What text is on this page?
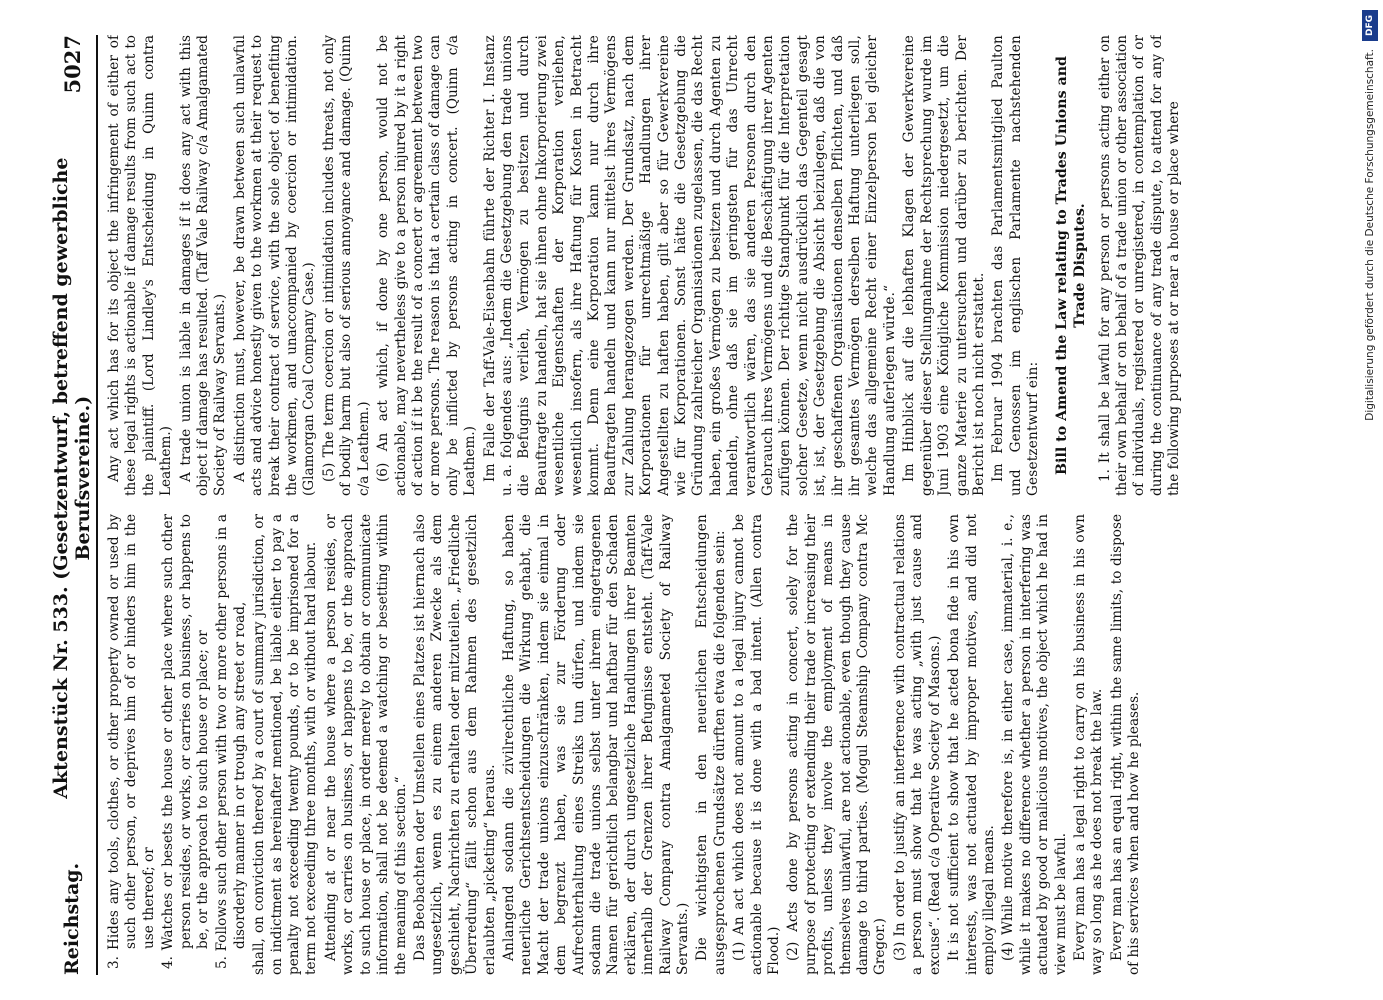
Reichstag.
Aktenstück Nr. 533. (Gesetzentwurf, betreffend gewerbliche Berufsvereine.)
5027

3. Hides any tools, clothes, or other property owned or used by such other person, or deprives him of or hinders him in the use thereof; or 4. Watches or besets the house or other place where such other person resides, or works, or carries on business, or happens to be, or the approach to such house or place; or 5. Follows such other person with two or more other persons in a disorderly manner in or trough any street or road, shall, on conviction thereof by a court of summary jurisdiction, or on indictment as hereinafter mentioned, be liable either to pay a penalty not exceeding twenty pounds, or to be imprisoned for a term not exceeding three months, with or without hard labour. Attending at or near the house where a person resides, or works, or carries on business, or happens to be, or the approach to such house or place, in order merely to obtain or communicate information, shall not be deemed a watching or besetting within the meaning of this section.“ Das Beobachten oder Umstellen eines Platzes ist hiernach also ungesetzlich, wenn es zu einem anderen Zwecke als dem geschieht, Nachrichten zu erhalten oder mitzuteilen. „Friedliche Überredung“ fällt schon aus dem Rahmen des gesetzlich erlaubten „picketing“ heraus. Anlangend sodann die zivilrechtliche Haftung, so haben neuerliche Gerichtsentscheidungen die Wirkung gehabt, die Macht der trade unions einzuschränken, indem sie einmal in dem begrenzt haben, was sie zur Förderung oder Aufrechterhaltung eines Streiks tun dürfen, und indem sie sodann die trade unions selbst unter ihrem eingetragenen Namen für gerichtlich belangbar und haftbar für den Schaden erklären, der durch ungesetzliche Handlungen ihrer Beamten innerhalb der Grenzen ihrer Befugnisse entsteht. (Taff-Vale Railway Company contra Amalgameted Society of Railway Servants.) Die wichtigsten in den neuerlichen Entscheidungen ausgesprochenen Grundsätze dürften etwa die folgenden sein: (1) An act which does not amount to a legal injury cannot be actionable because it is done with a bad intent. (Allen contra Flood.) (2) Acts done by persons acting in concert, solely for the purpose of protecting or extending their trade or increasing their profits, unless they involve the employment of means in themselves unlawful, are not actionable, even though they cause damage to third parties. (Mogul Steamship Company contra Mc Gregor.) (3) In order to justify an interference with contractual relations a person must show that he was acting „with just cause and excuse“. (Read c/a Operative Society of Masons.) It is not sufficient to show that he acted bona fide in his own interests, was not actuated by improper motives, and did not employ illegal means. (4) While motive therefore is, in either case, immaterial, i. e., while it makes no difference whether a person in interfering was actuated by good or malicious motives, the object which he had in view must be lawful. Every man has a legal right to carry on his business in his own way so long as he does not break the law. Every man has an equal right, within the same limits, to dispose of his services when and how he pleases.

Any act which has for its object the infringement of either of these legal rights is actionable if damage results from such act to the plaintiff. (Lord Lindley's Entscheidung in Quinn contra Leathem.) A trade union is liable in damages if it does any act with this object if damage has resulted. (Taff Vale Railway c/a Amalgamated Society of Railway Servants.) A distinction must, however, be drawn between such unlawful acts and advice honestly given to the workmen at their request to break their contract of service, with the sole object of benefiting the workmen, and unaccompanied by coercion or intimidation. (Glamorgan Coal Company Case.) (5) The term coercion or intimidation includes threats, not only of bodily harm but also of serious annoyance and damage. (Quinn c/a Leathem.) (6) An act which, if done by one person, would not be actionable, may nevertheless give to a person injured by it a right of action if it be the result of a concert or agreement between two or more persons. The reason is that a certain class of damage can only be inflicted by persons acting in concert. (Quinn c/a Leathem.) Im Falle der Taff-Vale-Eisenbahn führte der Richter I. Instanz u. a. folgendes aus: „Indem die Gesetzgebung den trade unions die Befugnis verlieh, Vermögen zu besitzen und durch Beauftragte zu handeln, hat sie ihnen ohne Inkorporierung zwei wesentliche Eigenschaften der Korporation verliehen, wesentlich insofern, als ihre Haftung für Kosten in Betracht kommt. Denn eine Korporation kann nur durch ihre Beauftragten handeln und kann nur mittelst ihres Vermögens zur Zahlung herangezogen werden. Der Grundsatz, nach dem Korporationen für unrechtmäßige Handlungen ihrer Angestellten zu haften haben, gilt aber so für Gewerkvereine wie für Korporationen. Sonst hätte die Gesetzgebung die Gründung zahlreicher Organisationen zugelassen, die das Recht haben, ein großes Vermögen zu besitzen und durch Agenten zu handeln, ohne daß sie im geringsten für das Unrecht verantwortlich wären, das sie anderen Personen durch den Gebrauch ihres Vermögens und die Beschäftigung ihrer Agenten zufügen können. Der richtige Standpunkt für die Interpretation solcher Gesetze, wenn nicht ausdrücklich das Gegenteil gesagt ist, ist, der Gesetzgebung die Absicht beizulegen, daß die von ihr geschaffenen Organisationen denselben Pflichten, und daß ihr gesamtes Vermögen derselben Haftung unterliegen soll, welche das allgemeine Recht einer Einzelperson bei gleicher Handlung auferlegen würde.“ Im Hinblick auf die lebhaften Klagen der Gewerkvereine gegenüber dieser Stellungnahme der Rechtsprechung wurde im Juni 1903 eine Königliche Kommission niedergesetzt, um die ganze Materie zu untersuchen und darüber zu berichten. Der Bericht ist noch nicht erstattet. Im Februar 1904 brachten das Parlamentsmitglied Paulton und Genossen im englischen Parlamente nachstehenden Gesetzentwurf ein: Bill to Amend the Law relating to Trades Unions and Trade Disputes. 1. It shall be lawful for any person or persons acting either on their own behalf or on behalf of a trade union or other association of individuals, registered or unregistered, in contemplation of or during the continuance of any trade dispute, to attend for any of the following purposes at or near a house or place where	Digitalisierung gefördert durch die Deutsche Forschungsgemeinschaft.
DFG
